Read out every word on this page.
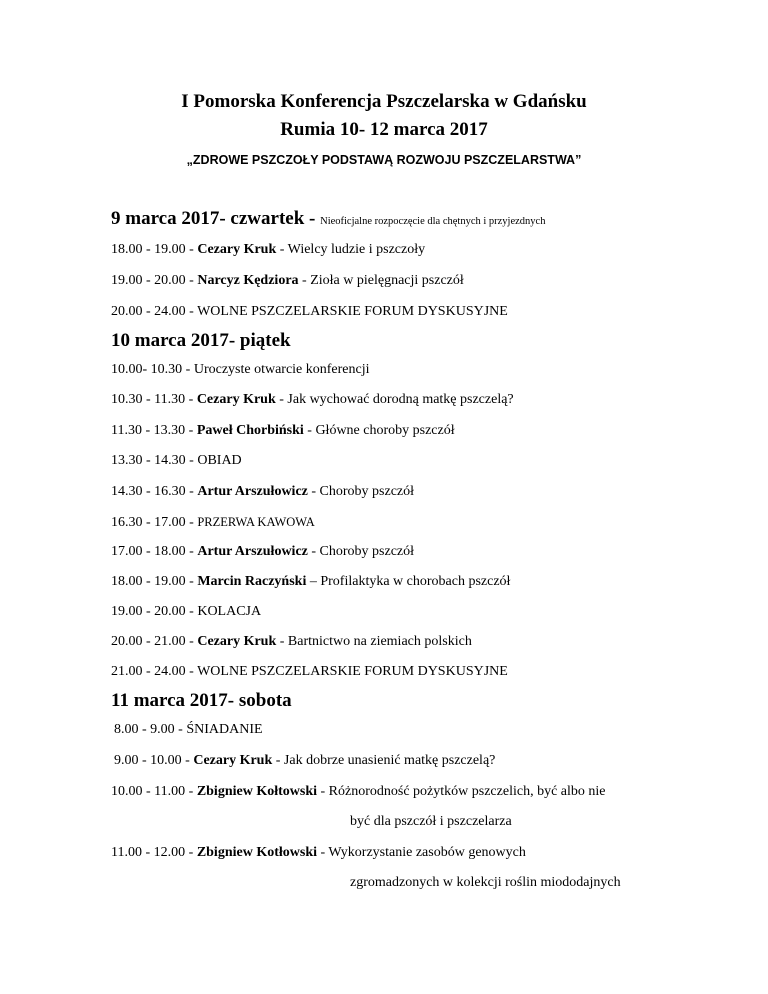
I Pomorska Konferencja Pszczelarska w Gdańsku
Rumia 10- 12 marca 2017
„ZDROWE PSZCZOŁY PODSTAWĄ ROZWOJU PSZCZELARSTWA”
9 marca 2017- czwartek - Nieoficjalne rozpoczęcie dla chętnych i przyjezdnych
18.00 - 19.00 - Cezary Kruk - Wielcy ludzie i pszczoły
19.00 - 20.00 - Narcyz Kędziora - Zioła w pielęgnacji pszczół
20.00 - 24.00 - WOLNE PSZCZELARSKIE FORUM DYSKUSYJNE
10 marca 2017- piątek
10.00- 10.30 - Uroczyste otwarcie konferencji
10.30 - 11.30 - Cezary Kruk - Jak wychować dorodną matkę pszczelą?
11.30 - 13.30 - Paweł Chorbiński - Główne choroby pszczół
13.30 - 14.30 - OBIAD
14.30 - 16.30 - Artur Arszułowicz - Choroby pszczół
16.30 - 17.00 - PRZERWA KAWOWA
17.00 - 18.00 - Artur Arszułowicz - Choroby pszczół
18.00 - 19.00 - Marcin Raczyński – Profilaktyka w chorobach pszczół
19.00 - 20.00 - KOLACJA
20.00 - 21.00 - Cezary Kruk - Bartnictwo na ziemiach polskich
21.00 - 24.00 - WOLNE PSZCZELARSKIE FORUM DYSKUSYJNE
11 marca 2017- sobota
8.00 - 9.00 - ŚNIADANIE
9.00 - 10.00 - Cezary Kruk - Jak dobrze unasienić matkę pszczelą?
10.00 - 11.00 - Zbigniew Kołtowski - Różnorodność pożytków pszczelich, być albo nie
być dla pszczół i pszczelarza
11.00 - 12.00 - Zbigniew Kotłowski - Wykorzystanie zasobów genowych
zgromadzonych w kolekcji roślin miododajnych
